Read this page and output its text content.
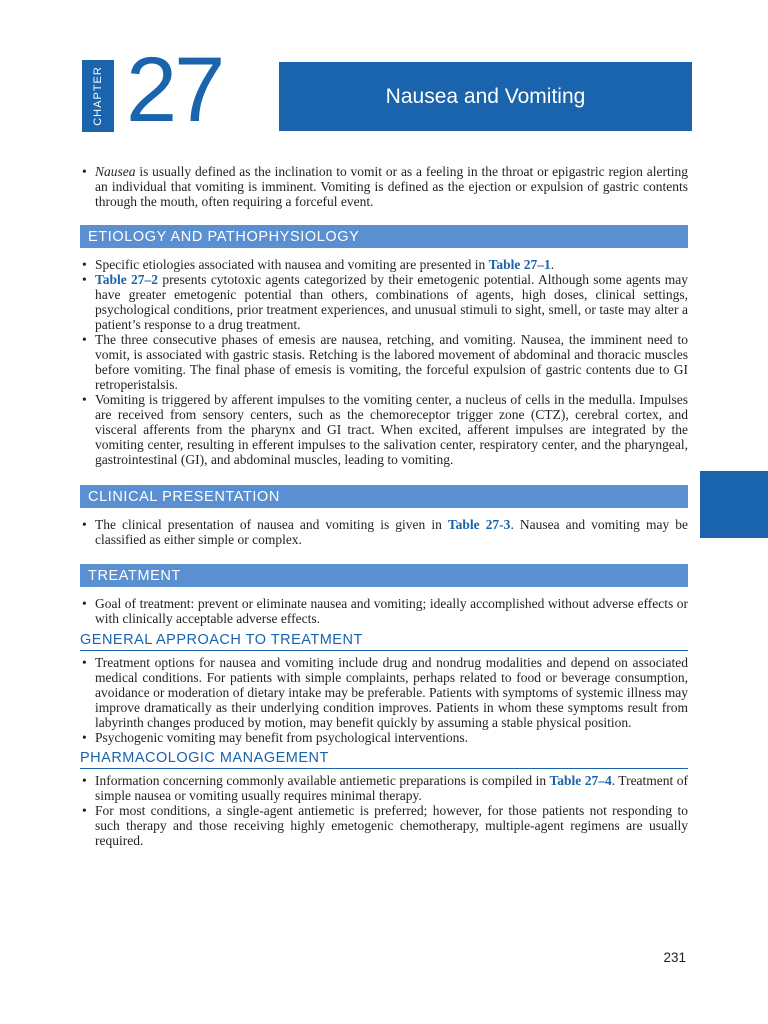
CHAPTER 27	Nausea and Vomiting
• Nausea is usually defined as the inclination to vomit or as a feeling in the throat or epigastric region alerting an individual that vomiting is imminent. Vomiting is defined as the ejection or expulsion of gastric contents through the mouth, often requiring a forceful event.
ETIOLOGY AND PATHOPHYSIOLOGY
• Specific etiologies associated with nausea and vomiting are presented in Table 27–1.
• Table 27–2 presents cytotoxic agents categorized by their emetogenic potential. Although some agents may have greater emetogenic potential than others, combinations of agents, high doses, clinical settings, psychological conditions, prior treatment experiences, and unusual stimuli to sight, smell, or taste may alter a patient’s response to a drug treatment.
• The three consecutive phases of emesis are nausea, retching, and vomiting. Nausea, the imminent need to vomit, is associated with gastric stasis. Retching is the labored movement of abdominal and thoracic muscles before vomiting. The final phase of emesis is vomiting, the forceful expulsion of gastric contents due to GI retroperistalsis.
• Vomiting is triggered by afferent impulses to the vomiting center, a nucleus of cells in the medulla. Impulses are received from sensory centers, such as the chemoreceptor trigger zone (CTZ), cerebral cortex, and visceral afferents from the pharynx and GI tract. When excited, afferent impulses are integrated by the vomiting center, resulting in efferent impulses to the salivation center, respiratory center, and the pharyngeal, gastrointestinal (GI), and abdominal muscles, leading to vomiting.
CLINICAL PRESENTATION
• The clinical presentation of nausea and vomiting is given in Table 27-3. Nausea and vomiting may be classified as either simple or complex.
TREATMENT
• Goal of treatment: prevent or eliminate nausea and vomiting; ideally accomplished without adverse effects or with clinically acceptable adverse effects.
GENERAL APPROACH TO TREATMENT
• Treatment options for nausea and vomiting include drug and nondrug modalities and depend on associated medical conditions. For patients with simple complaints, perhaps related to food or beverage consumption, avoidance or moderation of dietary intake may be preferable. Patients with symptoms of systemic illness may improve dramatically as their underlying condition improves. Patients in whom these symptoms result from labyrinth changes produced by motion, may benefit quickly by assuming a stable physical position.
• Psychogenic vomiting may benefit from psychological interventions.
PHARMACOLOGIC MANAGEMENT
• Information concerning commonly available antiemetic preparations is compiled in Table 27–4. Treatment of simple nausea or vomiting usually requires minimal therapy.
• For most conditions, a single-agent antiemetic is preferred; however, for those patients not responding to such therapy and those receiving highly emetogenic chemotherapy, multiple-agent regimens are usually required.
231
